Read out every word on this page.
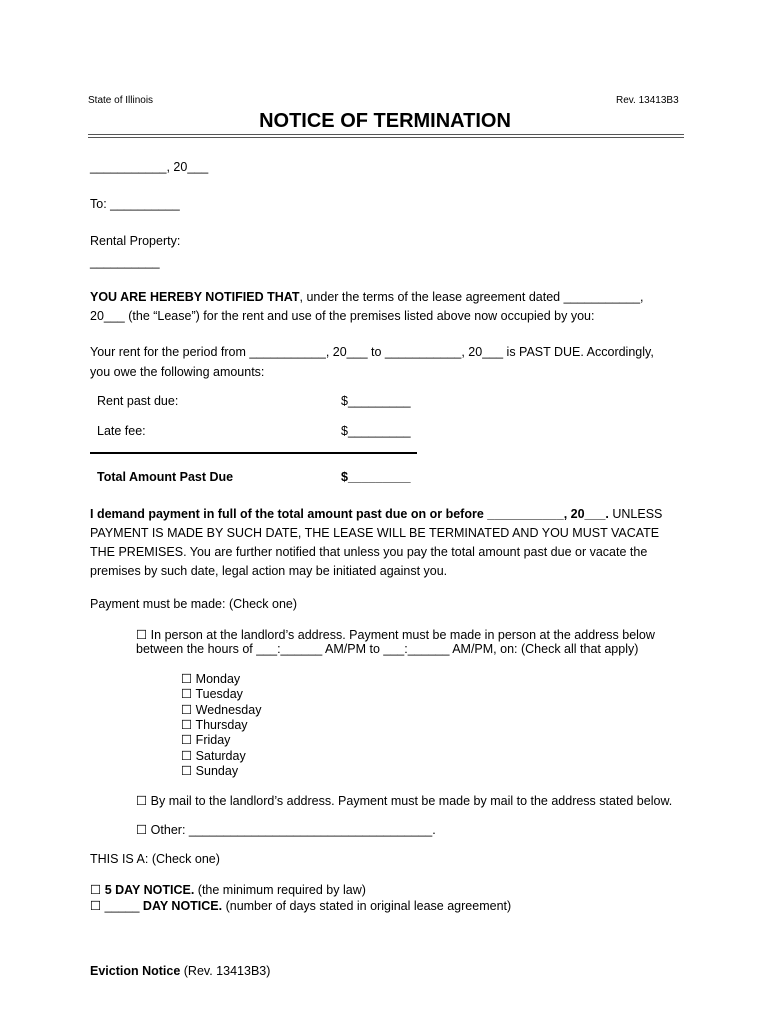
State of Illinois	Rev. 13413B3
NOTICE OF TERMINATION
___________, 20___
To: __________
Rental Property:
__________
YOU ARE HEREBY NOTIFIED THAT, under the terms of the lease agreement dated ___________,
20___ (the “Lease”) for the rent and use of the premises listed above now occupied by you:
Your rent for the period from ___________, 20___ to ___________, 20___ is PAST DUE. Accordingly,
you owe the following amounts:
Rent past due:	$_________
Late fee:	$_________
Total Amount Past Due	$_________
I demand payment in full of the total amount past due on or before ___________, 20___. UNLESS
PAYMENT IS MADE BY SUCH DATE, THE LEASE WILL BE TERMINATED AND YOU MUST VACATE
THE PREMISES. You are further notified that unless you pay the total amount past due or vacate the
premises by such date, legal action may be initiated against you.
Payment must be made: (Check one)
☐ In person at the landlord’s address. Payment must be made in person at the address below
between the hours of ___:______ AM/PM to ___:______ AM/PM, on: (Check all that apply)
☐ Monday
☐ Tuesday
☐ Wednesday
☐ Thursday
☐ Friday
☐ Saturday
☐ Sunday
☐ By mail to the landlord’s address. Payment must be made by mail to the address stated below.
☐ Other: ___________________________________.
THIS IS A: (Check one)
☐ 5 DAY NOTICE. (the minimum required by law)
☐ _____ DAY NOTICE. (number of days stated in original lease agreement)
Eviction Notice (Rev. 13413B3)
